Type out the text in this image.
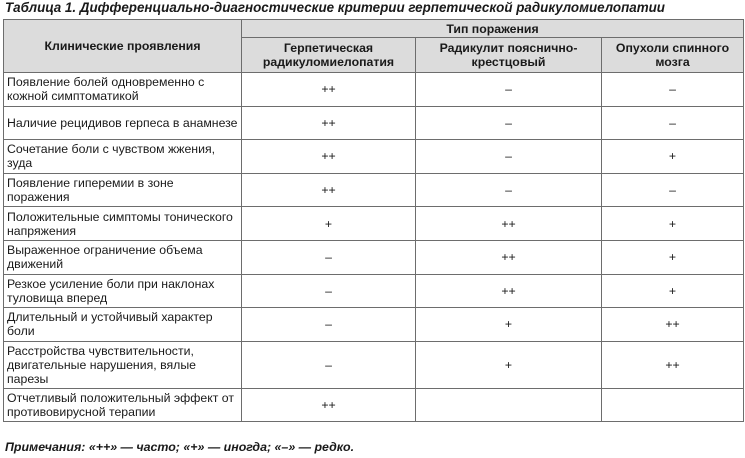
Таблица 1. Дифференциально-диагностические критерии герпетической радикуломиелопатии
Клинические проявления	Тип поражения		
	Герпетическая радикуломиелопатия	Радикулит пояснично-крестцовый	Опухоли спинного мозга
Появление болей одновременно с кожной симптоматикой	++	–	–
Наличие рецидивов герпеса в анамнезе	++	–	–
Сочетание боли с чувством жжения, зуда	++	–	+
Появление гиперемии в зоне поражения	++	–	–
Положительные симптомы тонического напряжения	+	++	+
Выраженное ограничение объема движений	–	++	+
Резкое усиление боли при наклонах туловища вперед	–	++	+
Длительный и устойчивый характер боли	–	+	++
Расстройства чувствительности, двигательные нарушения, вялые парезы	–	+	++
Отчетливый положительный эффект от противовирусной терапии	++		
Примечания: «++» — часто; «+» — иногда; «–» — редко.
